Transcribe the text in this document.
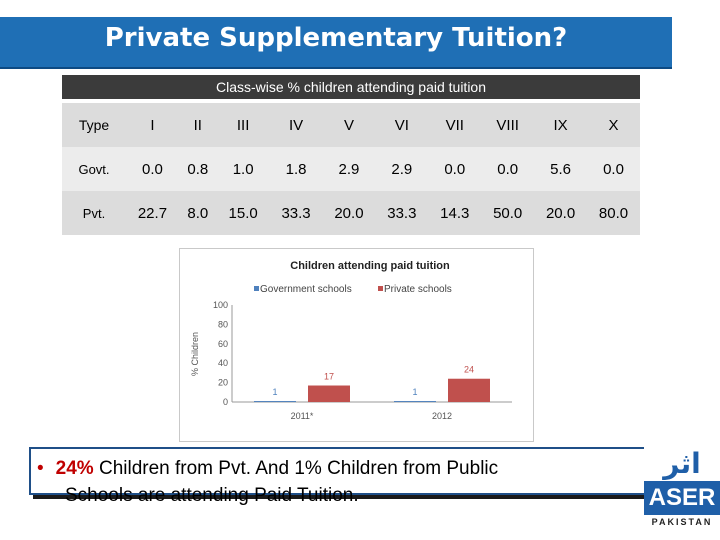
Private Supplementary Tuition?
Class-wise % children attending paid tuition
Type	I	II	III	IV	V	VI	VII	VIII	IX	X
Govt.	0.0	0.8	1.0	1.8	2.9	2.9	0.0	0.0	5.6	0.0
Pvt.	22.7	8.0	15.0	33.3	20.0	33.3	14.3	50.0	20.0	80.0
Children attending paid tuition
Government schools	Private schools
0
20
40
60
80
100
% Children
1
17
2011*
1
24
2012
• 24% Children from Pvt. And 1% Children from Public
Schools are attending Paid Tuition.
اثر
ASER
PAKISTAN
